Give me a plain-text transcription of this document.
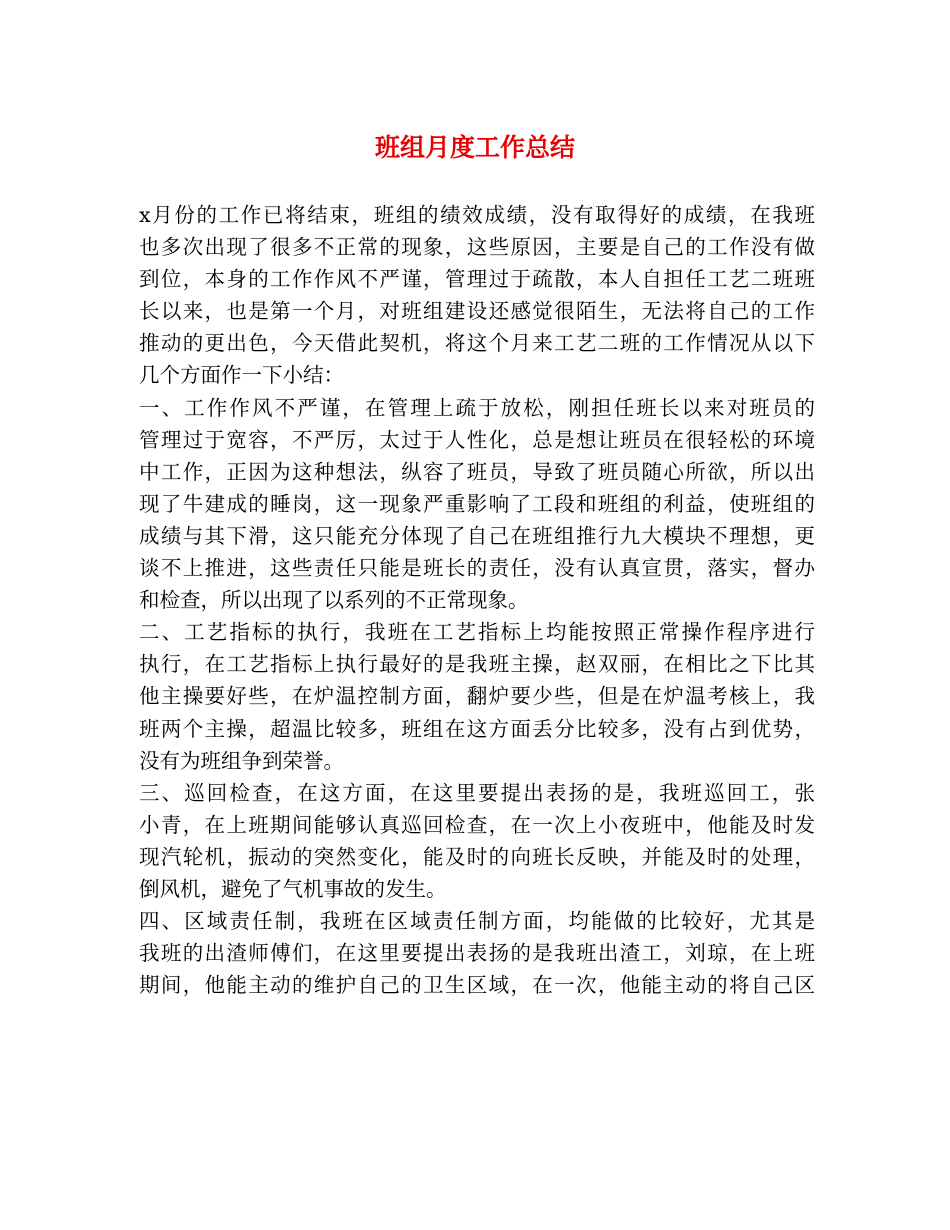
班组月度工作总结
x月份的工作已将结束，班组的绩效成绩，没有取得好的成绩，在我班
也多次出现了很多不正常的现象，这些原因，主要是自己的工作没有做
到位，本身的工作作风不严谨，管理过于疏散，本人自担任工艺二班班
长以来，也是第一个月，对班组建设还感觉很陌生，无法将自己的工作
推动的更出色，今天借此契机，将这个月来工艺二班的工作情况从以下
几个方面作一下小结：
一、工作作风不严谨，在管理上疏于放松，刚担任班长以来对班员的
管理过于宽容，不严厉，太过于人性化，总是想让班员在很轻松的环境
中工作，正因为这种想法，纵容了班员，导致了班员随心所欲，所以出
现了牛建成的睡岗，这一现象严重影响了工段和班组的利益，使班组的
成绩与其下滑，这只能充分体现了自己在班组推行九大模块不理想，更
谈不上推进，这些责任只能是班长的责任，没有认真宣贯，落实，督办
和检查，所以出现了以系列的不正常现象。
二、工艺指标的执行，我班在工艺指标上均能按照正常操作程序进行
执行，在工艺指标上执行最好的是我班主操，赵双丽，在相比之下比其
他主操要好些，在炉温控制方面，翻炉要少些，但是在炉温考核上，我
班两个主操，超温比较多，班组在这方面丢分比较多，没有占到优势，
没有为班组争到荣誉。
三、巡回检查，在这方面，在这里要提出表扬的是，我班巡回工，张
小青，在上班期间能够认真巡回检查，在一次上小夜班中，他能及时发
现汽轮机，振动的突然变化，能及时的向班长反映，并能及时的处理，
倒风机，避免了气机事故的发生。
四、区域责任制，我班在区域责任制方面，均能做的比较好，尤其是
我班的出渣师傅们，在这里要提出表扬的是我班出渣工，刘琼，在上班
期间，他能主动的维护自己的卫生区域，在一次，他能主动的将自己区
